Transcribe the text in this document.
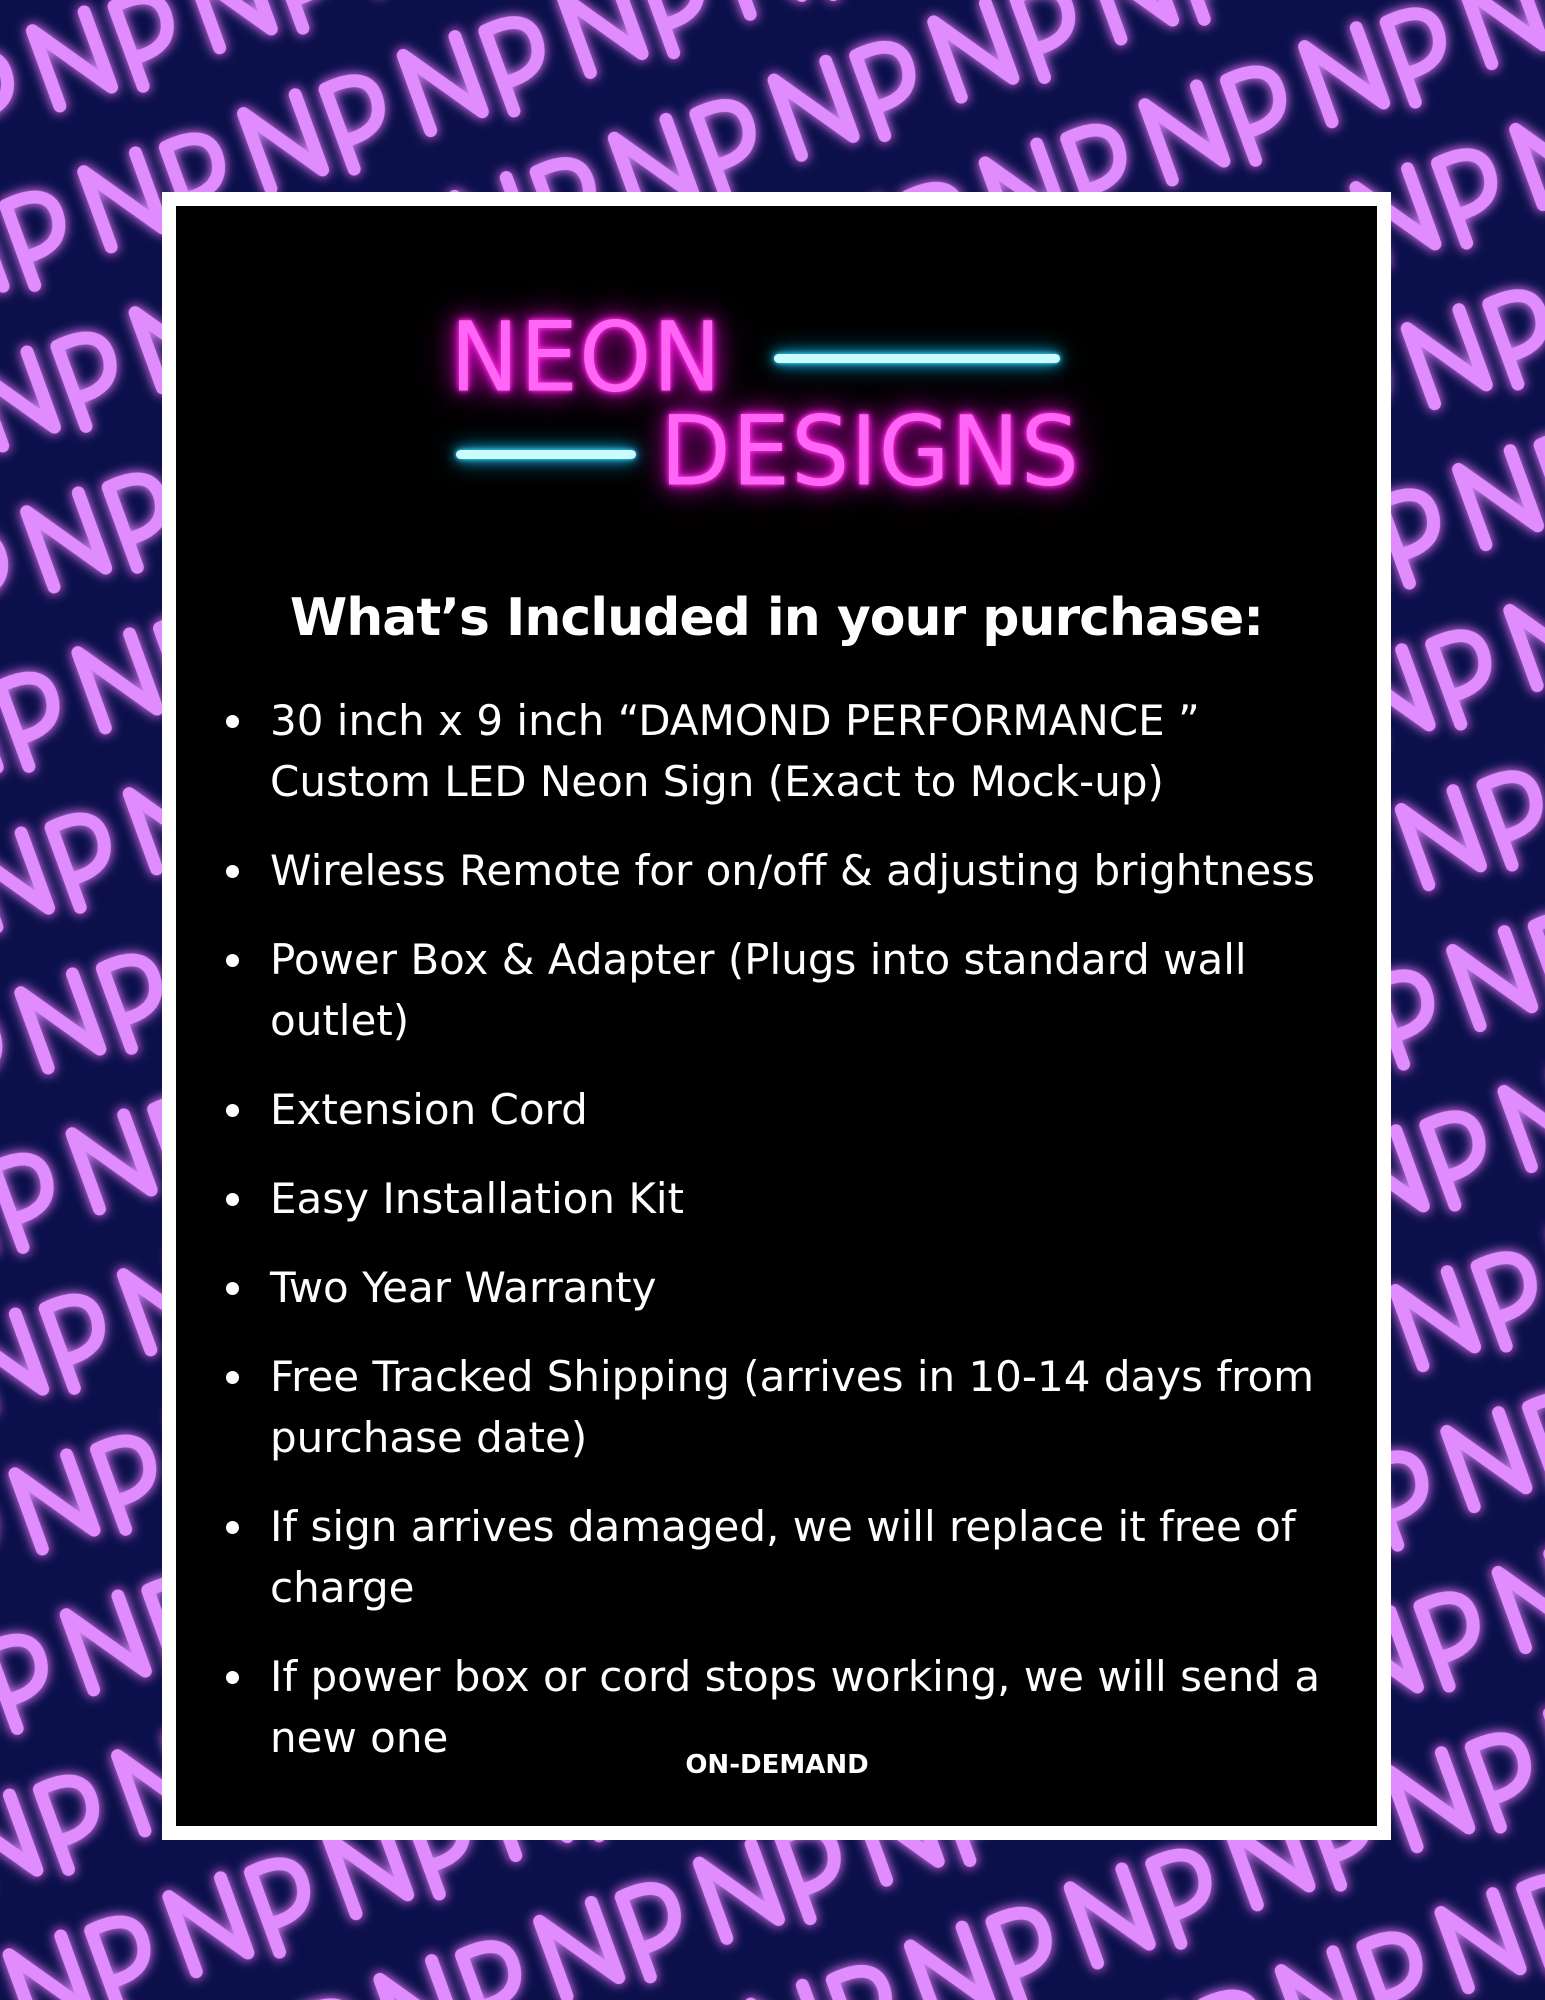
NEON
DESIGNS
What’s Included in your purchase:
30 inch x 9 inch “DAMOND PERFORMANCE ” Custom LED Neon Sign (Exact to Mock-up)
Wireless Remote for on/off & adjusting brightness
Power Box & Adapter (Plugs into standard wall outlet)
Extension Cord
Easy Installation Kit
Two Year Warranty
Free Tracked Shipping (arrives in 10-14 days from purchase date)
If sign arrives damaged, we will replace it free of charge
If power box or cord stops working, we will send a new one
ON-DEMAND
